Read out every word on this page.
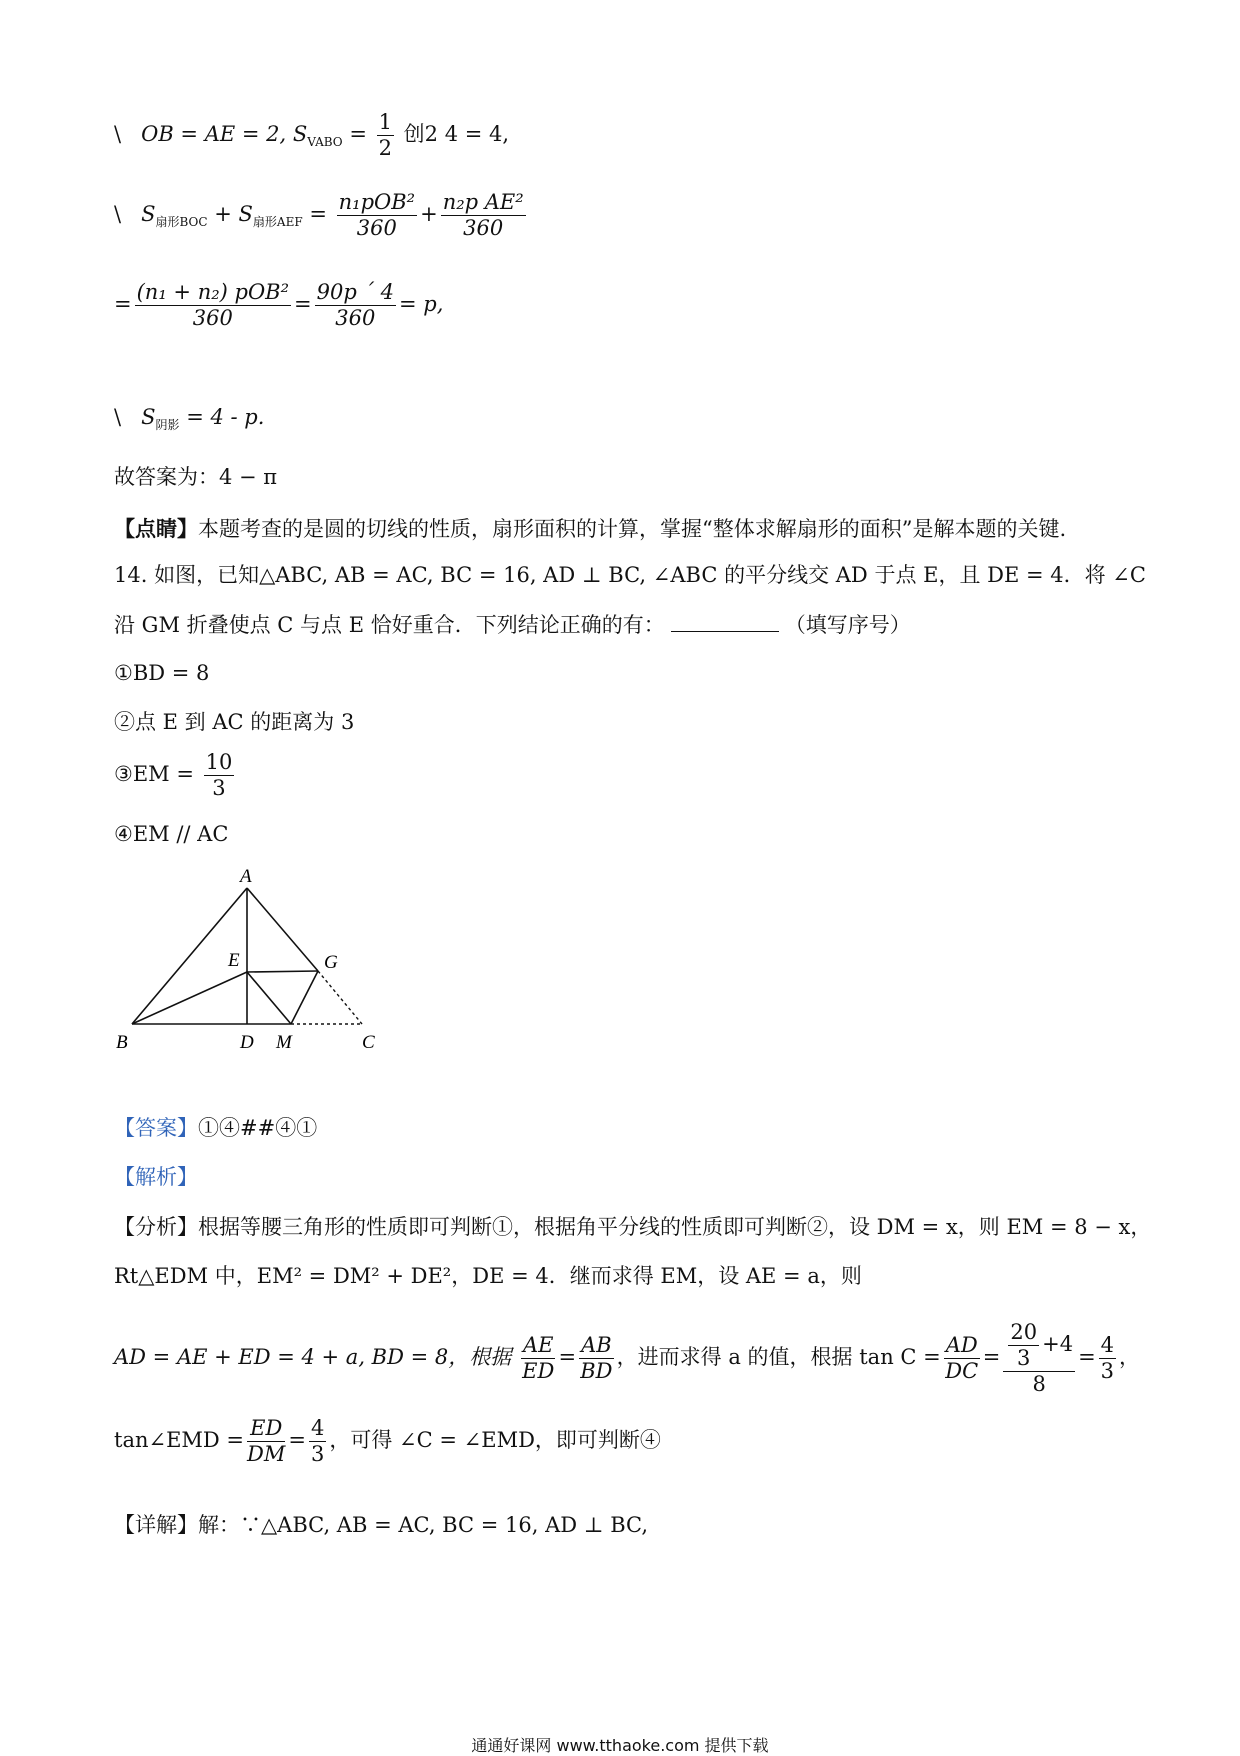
\ OB = AE = 2, $S_{VABO} = \frac{1}{2}$ 创2 4 = 4,
\ $S_{扇形BOC} + S_{扇形AEF} = \frac{\text{n₁pOB²}}{360} + \frac{\text{n₂p AE²}}{360}$
= $\frac{\text{(n₁ + n₂) pOB²}}{360} = \frac{90p ´ 4}{360} = p$,
\ $S_{阴影} = 4 - p$.
故答案为：4 − π
【点睛】本题考查的是圆的切线的性质，扇形面积的计算，掌握“整体求解扇形的面积”是解本题的关键.
14. 如图，已知△ABC, AB = AC, BC = 16, AD ⊥ BC, ∠ABC 的平分线交 AD 于点 E，且 DE = 4．将 ∠C
沿 GM 折叠使点 C 与点 E 恰好重合．下列结论正确的有：	（填写序号）
①BD = 8
②点 E 到 AC 的距离为 3
③EM = $\frac{10}{3}$
④EM // AC
A
E	G
B	D M	C
【答案】①④##④①
【解析】
【分析】根据等腰三角形的性质即可判断①，根据角平分线的性质即可判断②，设 DM = x，则 EM = 8 − x，
Rt△EDM 中，EM² = DM² + DE²，DE = 4．继而求得 EM，设 AE = a，则
AD = AE + ED = 4 + a, BD = 8，根据 $\frac{AE}{ED} = \frac{AB}{BD}$ ，进而求得 a 的值，根据 $\tan C = \frac{AD}{DC} = \frac{\frac{20}{3} +4}{8} = \frac{4}{3}$ ，
tan∠EMD = $\frac{ED}{DM} = \frac{4}{3}$ ，可得 ∠C = ∠EMD，即可判断④
【详解】解：∵△ABC, AB = AC, BC = 16, AD ⊥ BC,
通通好课网 www.tthaoke.com 提供下载
